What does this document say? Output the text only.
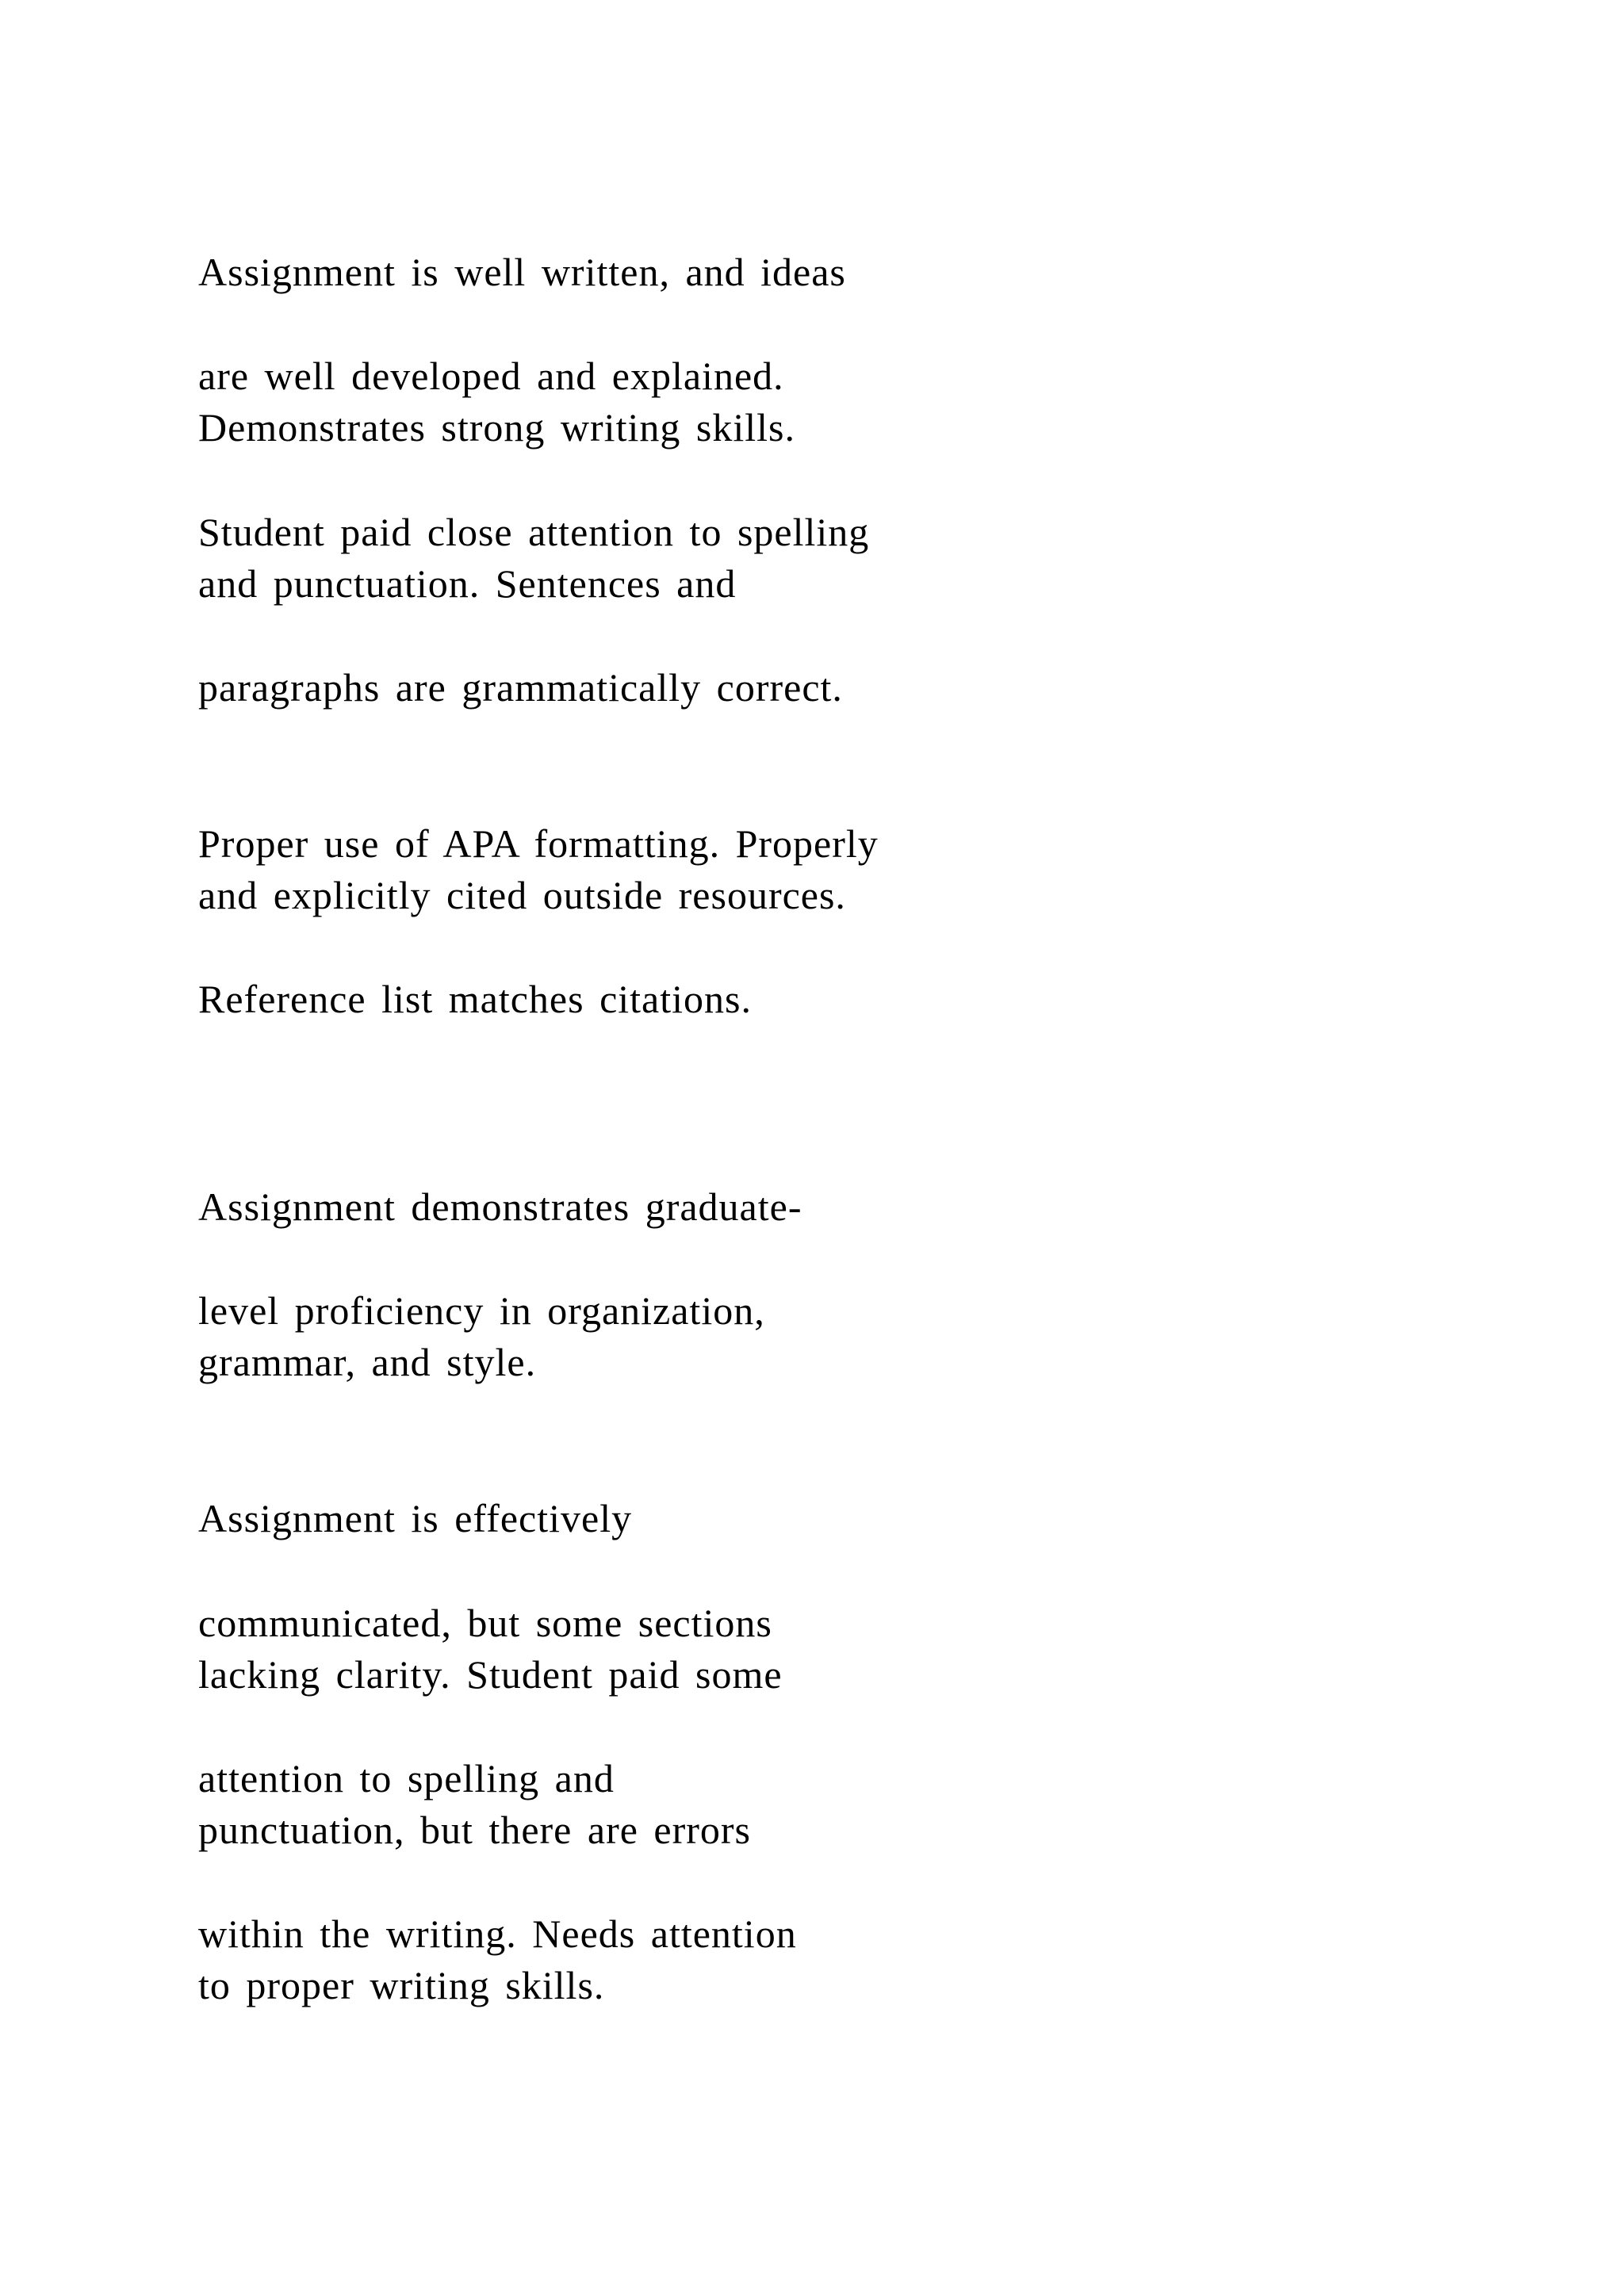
Assignment is well written, and ideas
are well developed and explained.
Demonstrates strong writing skills.
Student paid close attention to spelling
and punctuation. Sentences and
paragraphs are grammatically correct.
Proper use of APA formatting. Properly
and explicitly cited outside resources.
Reference list matches citations.
Assignment demonstrates graduate-
level proficiency in organization,
grammar, and style.
Assignment is effectively
communicated, but some sections
lacking clarity. Student paid some
attention to spelling and
punctuation, but there are errors
within the writing. Needs attention
to proper writing skills.
